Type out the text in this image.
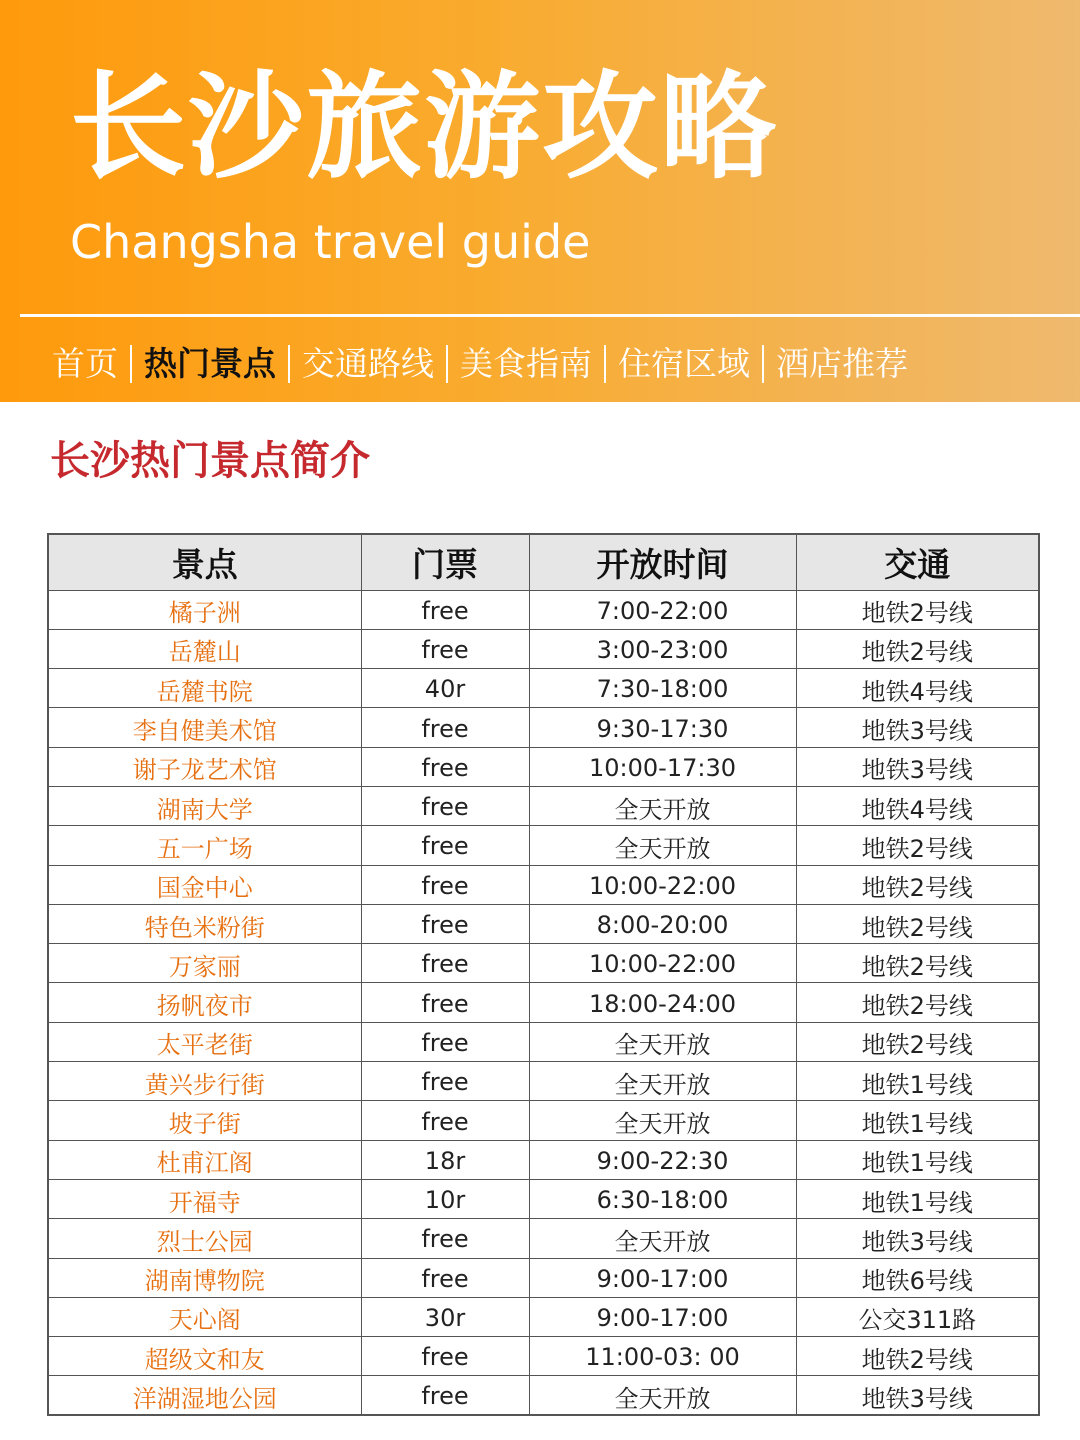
长沙旅游攻略
Changsha travel guide
首页 热门景点 交通路线 美食指南 住宿区域 酒店推荐
长沙热门景点简介
景点	门票	开放时间	交通
橘子洲	free	7:00-22:00	地铁2号线
岳麓山	free	3:00-23:00	地铁2号线
岳麓书院	40r	7:30-18:00	地铁4号线
李自健美术馆	free	9:30-17:30	地铁3号线
谢子龙艺术馆	free	10:00-17:30	地铁3号线
湖南大学	free	全天开放	地铁4号线
五一广场	free	全天开放	地铁2号线
国金中心	free	10:00-22:00	地铁2号线
特色米粉街	free	8:00-20:00	地铁2号线
万家丽	free	10:00-22:00	地铁2号线
扬帆夜市	free	18:00-24:00	地铁2号线
太平老街	free	全天开放	地铁2号线
黄兴步行街	free	全天开放	地铁1号线
坡子街	free	全天开放	地铁1号线
杜甫江阁	18r	9:00-22:30	地铁1号线
开福寺	10r	6:30-18:00	地铁1号线
烈士公园	free	全天开放	地铁3号线
湖南博物院	free	9:00-17:00	地铁6号线
天心阁	30r	9:00-17:00	公交311路
超级文和友	free	11:00-03: 00	地铁2号线
洋湖湿地公园	free	全天开放	地铁3号线
